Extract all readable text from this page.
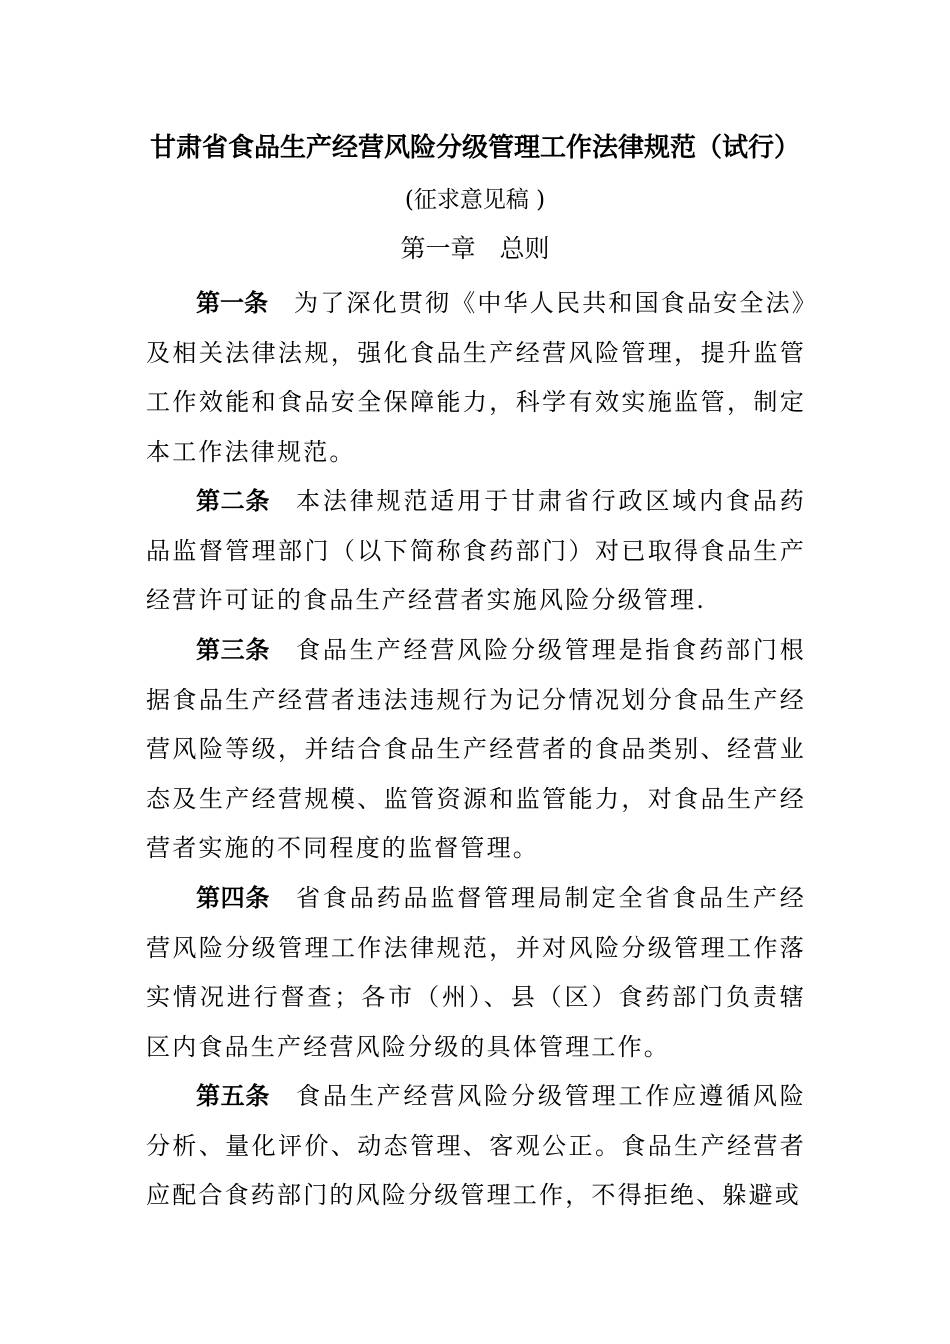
甘肃省食品生产经营风险分级管理工作法律规范（试行）
(征求意见稿 )
第一章 总则

第一条 为了深化贯彻《中华人民共和国食品安全法》及相关法律法规，强化食品生产经营风险管理，提升监管工作效能和食品安全保障能力，科学有效实施监管，制定本工作法律规范。

第二条 本法律规范适用于甘肃省行政区域内食品药品监督管理部门（以下简称食药部门）对已取得食品生产经营许可证的食品生产经营者实施风险分级管理.

第三条 食品生产经营风险分级管理是指食药部门根据食品生产经营者违法违规行为记分情况划分食品生产经营风险等级，并结合食品生产经营者的食品类别、经营业态及生产经营规模、监管资源和监管能力，对食品生产经营者实施的不同程度的监督管理。

第四条 省食品药品监督管理局制定全省食品生产经营风险分级管理工作法律规范，并对风险分级管理工作落实情况进行督查；各市（州）、县（区）食药部门负责辖区内食品生产经营风险分级的具体管理工作。

第五条 食品生产经营风险分级管理工作应遵循风险分析、量化评价、动态管理、客观公正。食品生产经营者应配合食药部门的风险分级管理工作，不得拒绝、躲避或
